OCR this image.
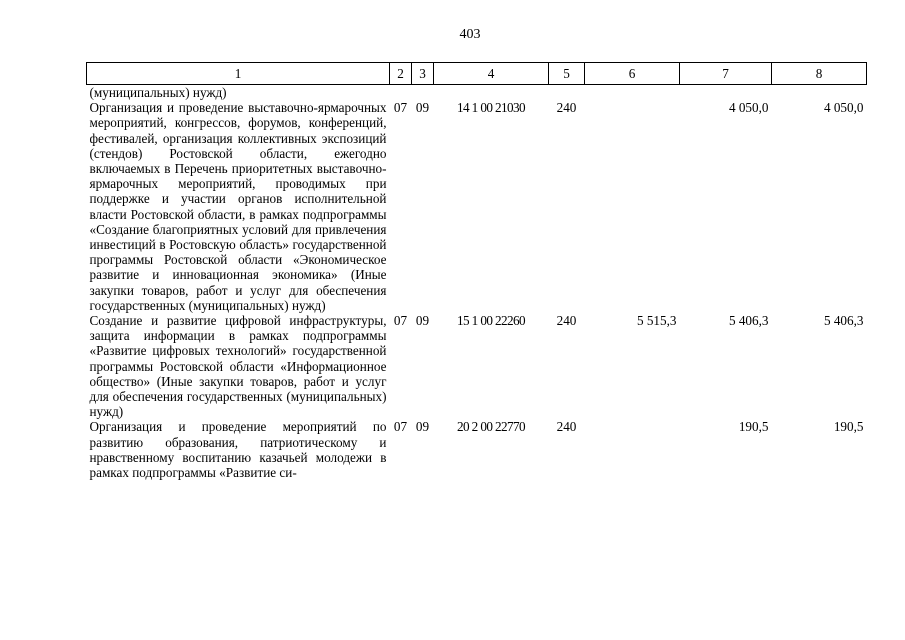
403
1	2	3	4	5	6	7	8
(муниципальных) нужд)							
Организация и проведение выставочно-ярмарочных мероприятий, конгрессов, форумов, конференций, фестивалей, организация коллективных экспозиций (стендов) Ростовской области, ежегодно включаемых в Перечень приоритетных выставочно-ярмарочных мероприятий, проводимых при поддержке и участии органов исполнительной власти Ростовской области, в рамках подпрограммы «Создание благоприятных условий для привлечения инвестиций в Ростовскую область» государственной программы Ростовской области «Экономическое развитие и инновационная экономика» (Иные закупки товаров, работ и услуг для обеспечения государственных (муниципальных) нужд)	07	09	14 1 00 21030	240		4 050,0	4 050,0
Создание и развитие цифровой инфраструктуры, защита информации в рамках подпрограммы «Развитие цифровых технологий» государственной программы Ростовской области «Информационное общество» (Иные закупки товаров, работ и услуг для обеспечения государственных (муниципальных) нужд)	07	09	15 1 00 22260	240	5 515,3	5 406,3	5 406,3
Организация и проведение мероприятий по развитию образования, патриотическому и нравственному воспитанию казачьей молодежи в рамках подпрограммы «Развитие си-	07	09	20 2 00 22770	240		190,5	190,5
